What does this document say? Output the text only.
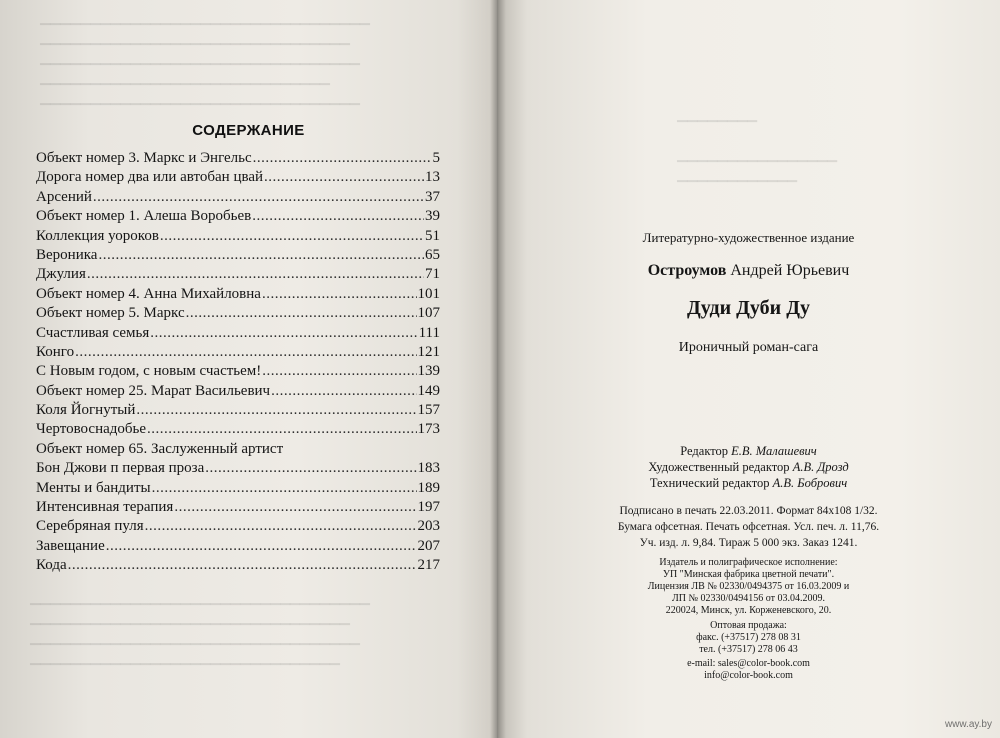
▁▁▁▁▁▁▁▁▁▁▁▁▁▁▁▁▁▁▁▁▁▁▁▁▁▁▁▁▁▁▁▁▁
▁▁▁▁▁▁▁▁▁▁▁▁▁▁▁▁▁▁▁▁▁▁▁▁▁▁▁▁▁▁▁
▁▁▁▁▁▁▁▁▁▁▁▁▁▁▁▁▁▁▁▁▁▁▁▁▁▁▁▁▁▁▁▁
▁▁▁▁▁▁▁▁▁▁▁▁▁▁▁▁▁▁▁▁▁▁▁▁▁▁▁▁▁
▁▁▁▁▁▁▁▁▁▁▁▁▁▁▁▁▁▁▁▁▁▁▁▁▁▁▁▁▁▁▁▁
▁▁▁▁▁▁▁▁▁▁▁▁▁▁▁▁▁▁▁▁▁▁▁▁▁▁▁▁▁▁▁▁▁▁
▁▁▁▁▁▁▁▁▁▁▁▁▁▁▁▁▁▁▁▁▁▁▁▁▁▁▁▁▁▁▁▁
▁▁▁▁▁▁▁▁▁▁▁▁▁▁▁▁▁▁▁▁▁▁▁▁▁▁▁▁▁▁▁▁▁
▁▁▁▁▁▁▁▁▁▁▁▁▁▁▁▁▁▁▁▁▁▁▁▁▁▁▁▁▁▁▁
СОДЕРЖАНИЕ
Объект номер 3. Маркс и Энгельс .....	5
Дорога номер два или автобан цвай .....	13
Арсений .....	37
Объект номер 1. Алеша Воробьев .....	39
Коллекция уороков .....	51
Вероника .....	65
Джулия .....	71
Объект номер 4. Анна Михайловна .....	101
Объект номер 5. Маркс .....	107
Счастливая семья .....	111
Конго .....	121
С Новым годом, с новым счастьем! .....	139
Объект номер 25. Марат Васильевич .....	149
Коля Йогнутый .....	157
Чертовоснадобье .....	173
Объект номер 65. Заслуженный артист
Бон Джови п первая проза .....	183
Менты и бандиты .....	189
Интенсивная терапия .....	197
Серебряная пуля .....	203
Завещание .....	207
Кода .....	217
▁▁▁▁▁▁▁▁

▁▁▁▁▁▁▁▁▁▁▁▁▁▁▁▁
▁▁▁▁▁▁▁▁▁▁▁▁
Литературно-художественное издание
Остроумов Андрей Юрьевич
Дуди Дуби Ду
Ироничный роман-сага
Редактор Е.В. Малашевич
Художественный редактор А.В. Дрозд
Технический редактор А.В. Бобрович
Подписано в печать 22.03.2011. Формат 84х108 1/32.
Бумага офсетная. Печать офсетная. Усл. печ. л. 11,76.
Уч. изд. л. 9,84. Тираж 5 000 экз. Заказ 1241.
Издатель и полиграфическое исполнение:
УП "Минская фабрика цветной печати".
Лицензия ЛВ № 02330/0494375 от 16.03.2009 и
ЛП № 02330/0494156 от 03.04.2009.
220024, Минск, ул. Корженевского, 20.
Оптовая продажа:
факс. (+37517) 278 08 31
тел. (+37517) 278 06 43
e-mail: sales@color-book.com
info@color-book.com
www.ay.by
